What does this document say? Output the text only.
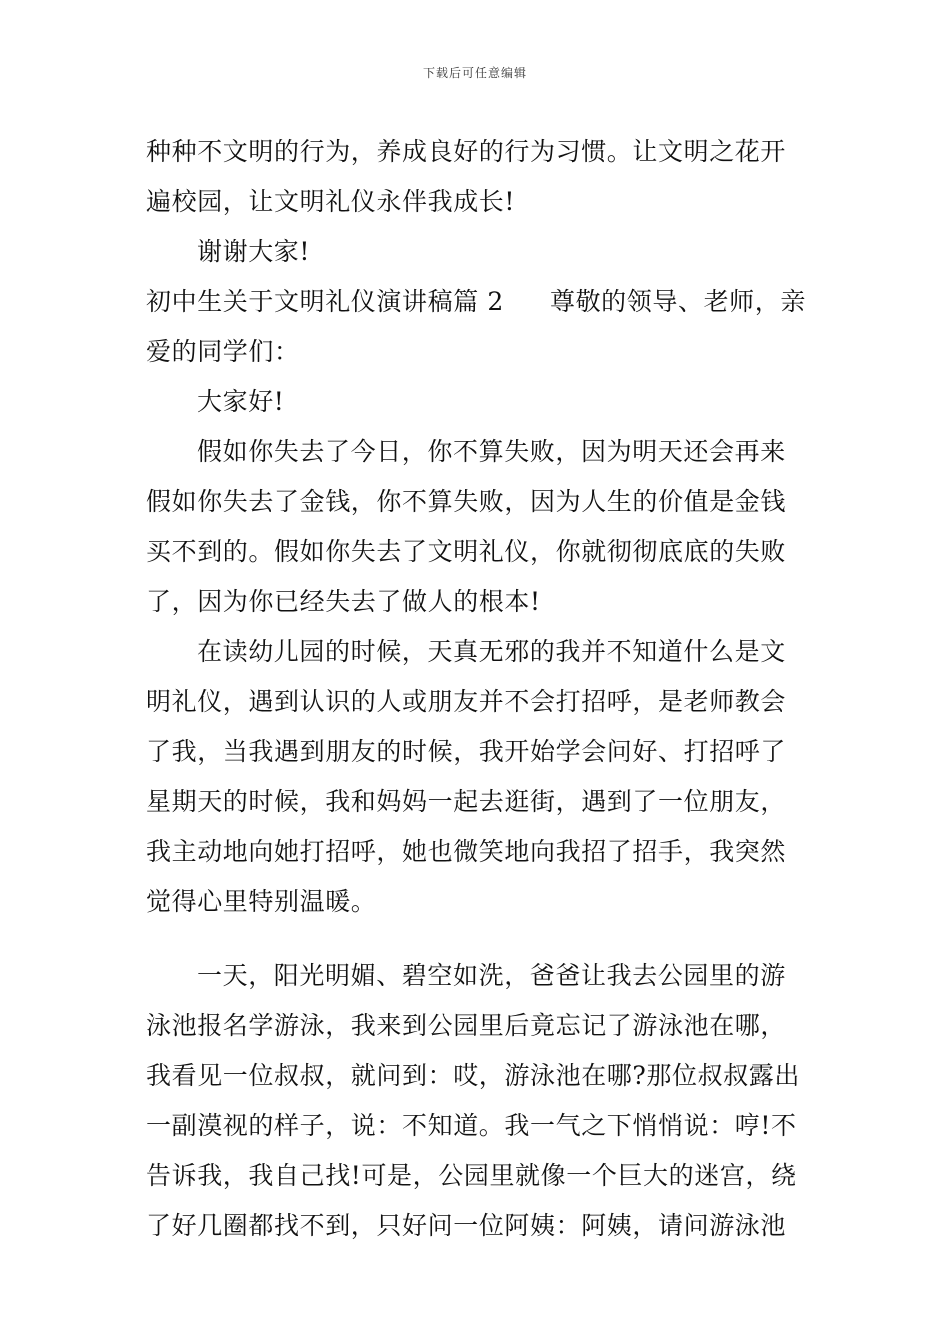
下载后可任意编辑
种种不文明的行为，养成良好的行为习惯。让文明之花开
遍校园，让文明礼仪永伴我成长!
谢谢大家!
初中生关于文明礼仪演讲稿篇 2 尊敬的领导、老师，亲
爱的同学们：
大家好!
假如你失去了今日，你不算失败，因为明天还会再来
假如你失去了金钱，你不算失败，因为人生的价值是金钱
买不到的。假如你失去了文明礼仪，你就彻彻底底的失败
了，因为你已经失去了做人的根本!
在读幼儿园的时候，天真无邪的我并不知道什么是文
明礼仪，遇到认识的人或朋友并不会打招呼，是老师教会
了我，当我遇到朋友的时候，我开始学会问好、打招呼了
星期天的时候，我和妈妈一起去逛街，遇到了一位朋友，
我主动地向她打招呼，她也微笑地向我招了招手，我突然
觉得心里特别温暖。
一天，阳光明媚、碧空如洗，爸爸让我去公园里的游
泳池报名学游泳，我来到公园里后竟忘记了游泳池在哪，
我看见一位叔叔，就问到：哎，游泳池在哪?那位叔叔露出
一副漠视的样子，说：不知道。我一气之下悄悄说：哼!不
告诉我，我自己找!可是，公园里就像一个巨大的迷宫，绕
了好几圈都找不到，只好问一位阿姨：阿姨，请问游泳池
